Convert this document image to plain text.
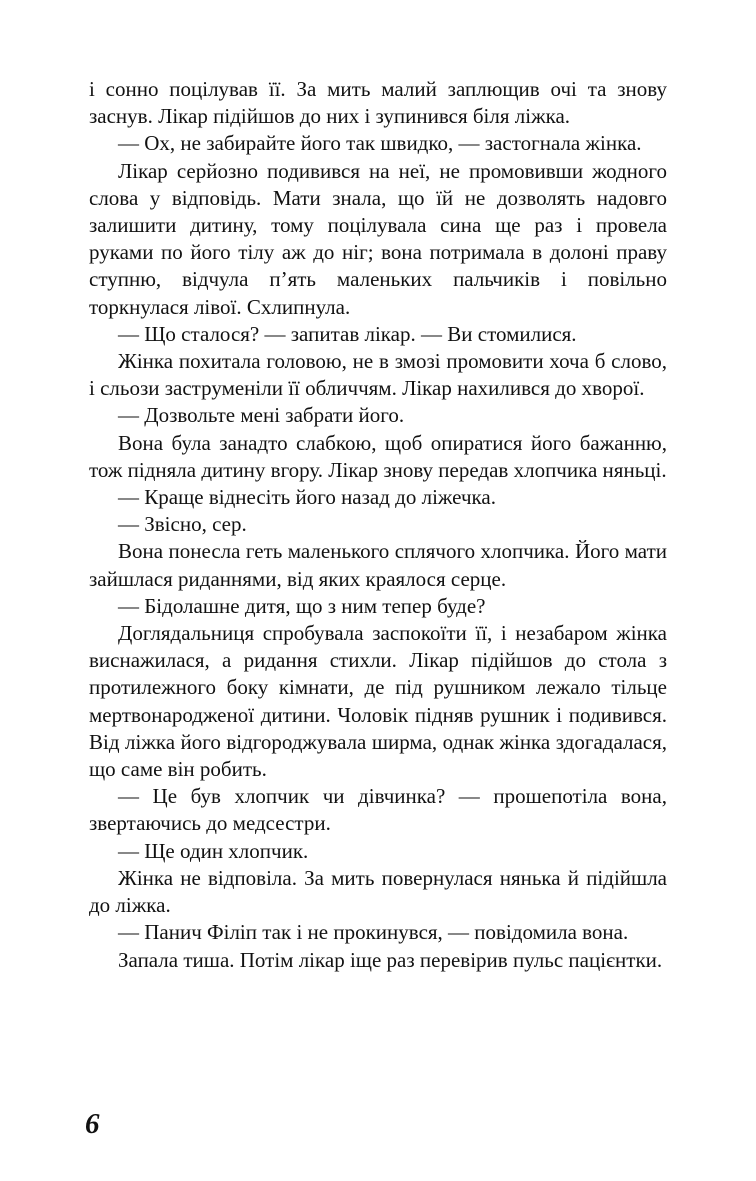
і сонно поцілував її. За мить малий заплющив очі та знову заснув. Лікар підійшов до них і зупинився біля ліжка.

— Ох, не забирайте його так швидко, — застогнала жінка.

Лікар серйозно подивився на неї, не промовивши жодного слова у відповідь. Мати знала, що їй не дозволять надовго залишити дитину, тому поцілувала сина ще раз і провела руками по його тілу аж до ніг; вона потримала в долоні праву ступню, відчула п’ять маленьких пальчиків і повільно торкнулася лівої. Схлипнула.

— Що сталося? — запитав лікар. — Ви стомилися.

Жінка похитала головою, не в змозі промовити хоча б слово, і сльози заструменіли її обличчям. Лікар нахилився до хворої.

— Дозвольте мені забрати його.

Вона була занадто слабкою, щоб опиратися його бажанню, тож підняла дитину вгору. Лікар знову передав хлопчика няньці.

— Краще віднесіть його назад до ліжечка.

— Звісно, сер.

Вона понесла геть маленького сплячого хлопчика. Його мати зайшлася риданнями, від яких краялося серце.

— Бідолашне дитя, що з ним тепер буде?

Доглядальниця спробувала заспокоїти її, і незабаром жінка виснажилася, а ридання стихли. Лікар підійшов до стола з протилежного боку кімнати, де під рушником лежало тільце мертвонародженої дитини. Чоловік підняв рушник і подивився. Від ліжка його відгороджувала ширма, однак жінка здогадалася, що саме він робить.

— Це був хлопчик чи дівчинка? — прошепотіла вона, звертаючись до медсестри.

— Ще один хлопчик.

Жінка не відповіла. За мить повернулася нянька й підійшла до ліжка.

— Панич Філіп так і не прокинувся, — повідомила вона.

Запала тиша. Потім лікар іще раз перевірив пульс пацієнтки.

6
